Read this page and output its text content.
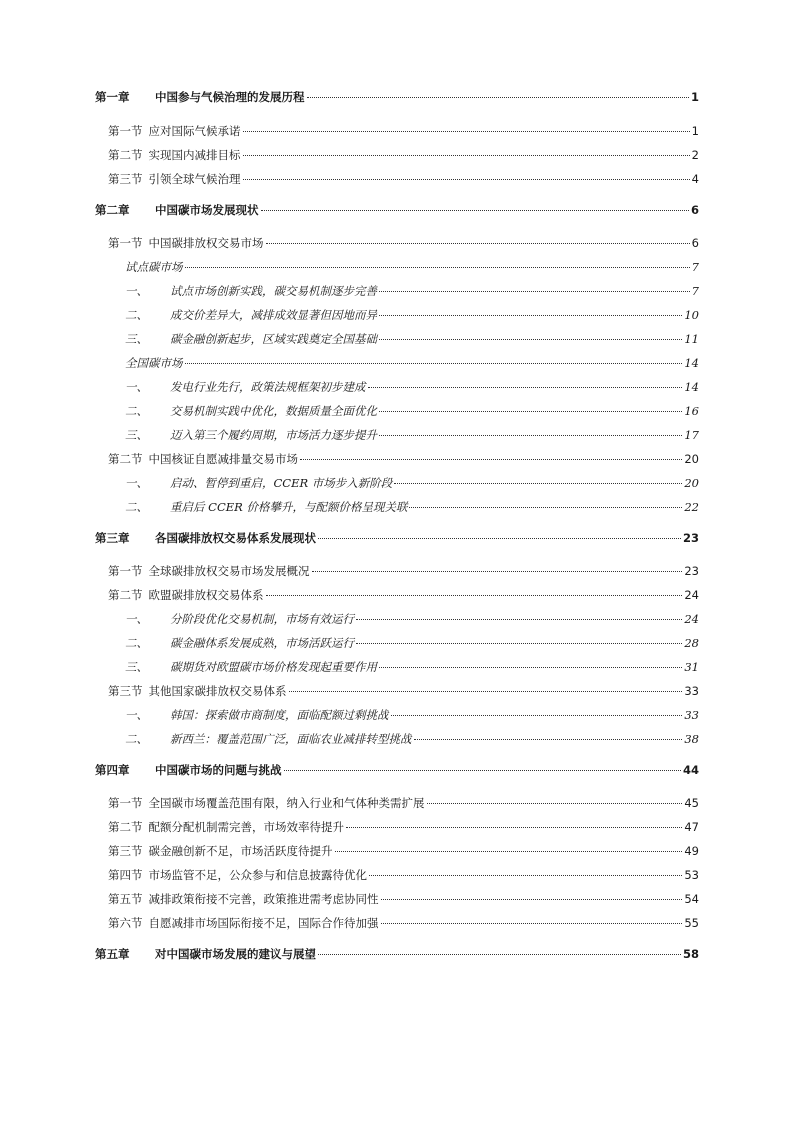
第一章	中国参与气候治理的发展历程	1
第一节 应对国际气候承诺	1
第二节 实现国内减排目标	2
第三节 引领全球气候治理	4
第二章	中国碳市场发展现状	6
第一节 中国碳排放权交易市场	6
试点碳市场	7
一、	试点市场创新实践，碳交易机制逐步完善	7
二、	成交价差异大，减排成效显著但因地而异	10
三、	碳金融创新起步，区域实践奠定全国基础	11
全国碳市场	14
一、	发电行业先行，政策法规框架初步建成	14
二、	交易机制实践中优化，数据质量全面优化	16
三、	迈入第三个履约周期，市场活力逐步提升	17
第二节 中国核证自愿减排量交易市场	20
一、	启动、暂停到重启，CCER 市场步入新阶段	20
二、	重启后 CCER 价格攀升，与配额价格呈现关联	22
第三章	各国碳排放权交易体系发展现状	23
第一节 全球碳排放权交易市场发展概况	23
第二节 欧盟碳排放权交易体系	24
一、	分阶段优化交易机制，市场有效运行	24
二、	碳金融体系发展成熟，市场活跃运行	28
三、	碳期货对欧盟碳市场价格发现起重要作用	31
第三节 其他国家碳排放权交易体系	33
一、	韩国：探索做市商制度，面临配额过剩挑战	33
二、	新西兰：覆盖范围广泛，面临农业减排转型挑战	38
第四章	中国碳市场的问题与挑战	44
第一节 全国碳市场覆盖范围有限，纳入行业和气体种类需扩展	45
第二节 配额分配机制需完善，市场效率待提升	47
第三节 碳金融创新不足，市场活跃度待提升	49
第四节 市场监管不足，公众参与和信息披露待优化	53
第五节 减排政策衔接不完善，政策推进需考虑协同性	54
第六节 自愿减排市场国际衔接不足，国际合作待加强	55
第五章	对中国碳市场发展的建议与展望	58
